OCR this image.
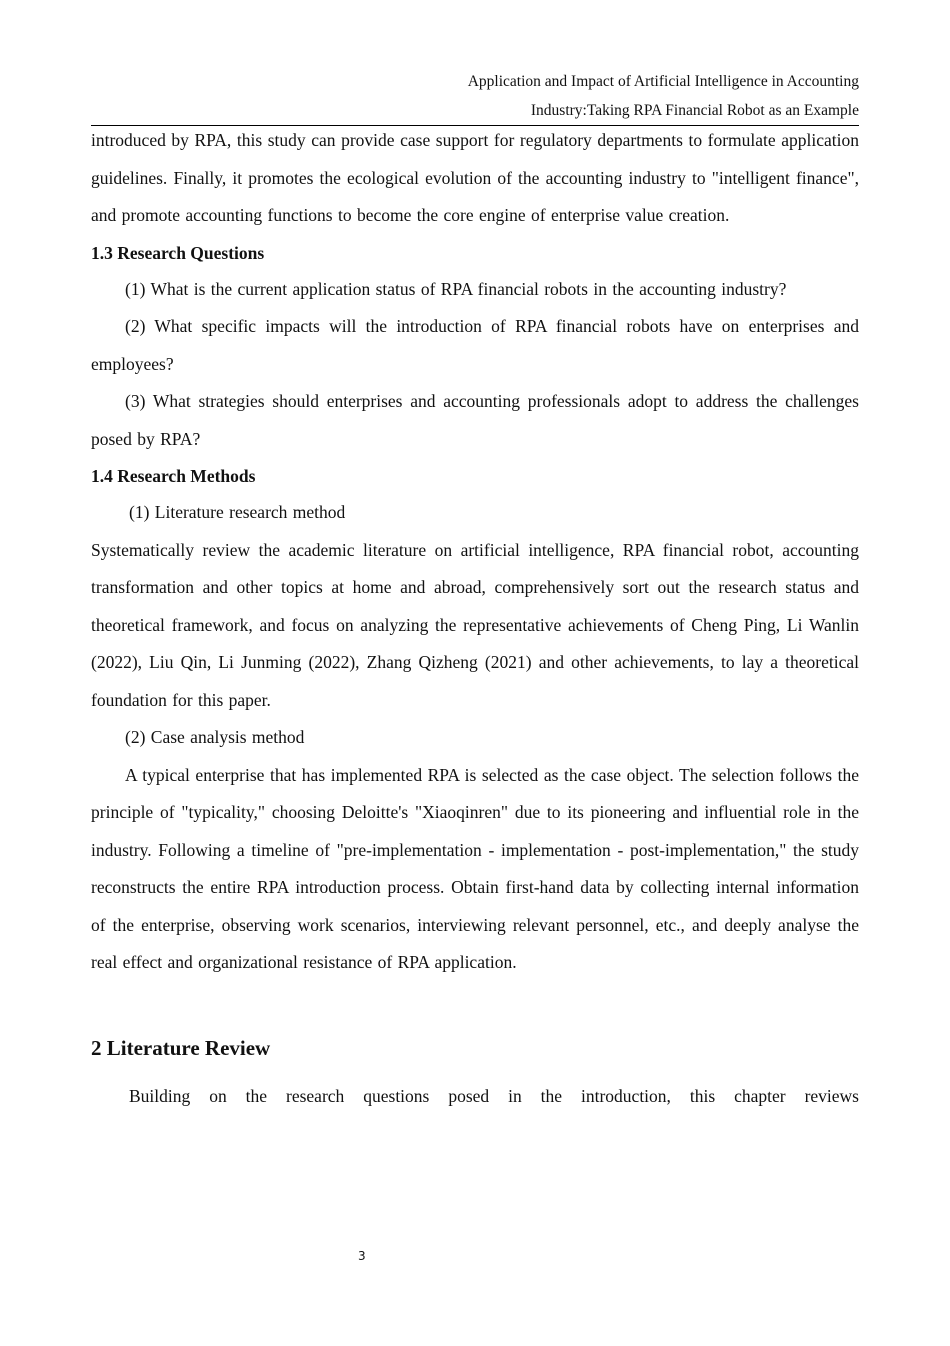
Application and Impact of Artificial Intelligence in Accounting
Industry:Taking RPA Financial Robot as an Example

introduced by RPA, this study can provide case support for regulatory departments to formulate application guidelines. Finally, it promotes the ecological evolution of the accounting industry to "intelligent finance", and promote accounting functions to become the core engine of enterprise value creation.

1.3 Research Questions

(1) What is the current application status of RPA financial robots in the accounting industry?

(2) What specific impacts will the introduction of RPA financial robots have on enterprises and employees?

(3) What strategies should enterprises and accounting professionals adopt to address the challenges posed by RPA?

1.4 Research Methods

(1) Literature research method

Systematically review the academic literature on artificial intelligence, RPA financial robot, accounting transformation and other topics at home and abroad, comprehensively sort out the research status and theoretical framework, and focus on analyzing the representative achievements of Cheng Ping, Li Wanlin (2022), Liu Qin, Li Junming (2022), Zhang Qizheng (2021) and other achievements, to lay a theoretical foundation for this paper.

(2) Case analysis method

A typical enterprise that has implemented RPA is selected as the case object. The selection follows the principle of "typicality," choosing Deloitte's "Xiaoqinren" due to its pioneering and influential role in the industry. Following a timeline of "pre-implementation - implementation - post-implementation," the study reconstructs the entire RPA introduction process. Obtain first-hand data by collecting internal information of the enterprise, observing work scenarios, interviewing relevant personnel, etc., and deeply analyse the real effect and organizational resistance of RPA application.

2 Literature Review

Building on the research questions posed in the introduction, this chapter reviews

3
